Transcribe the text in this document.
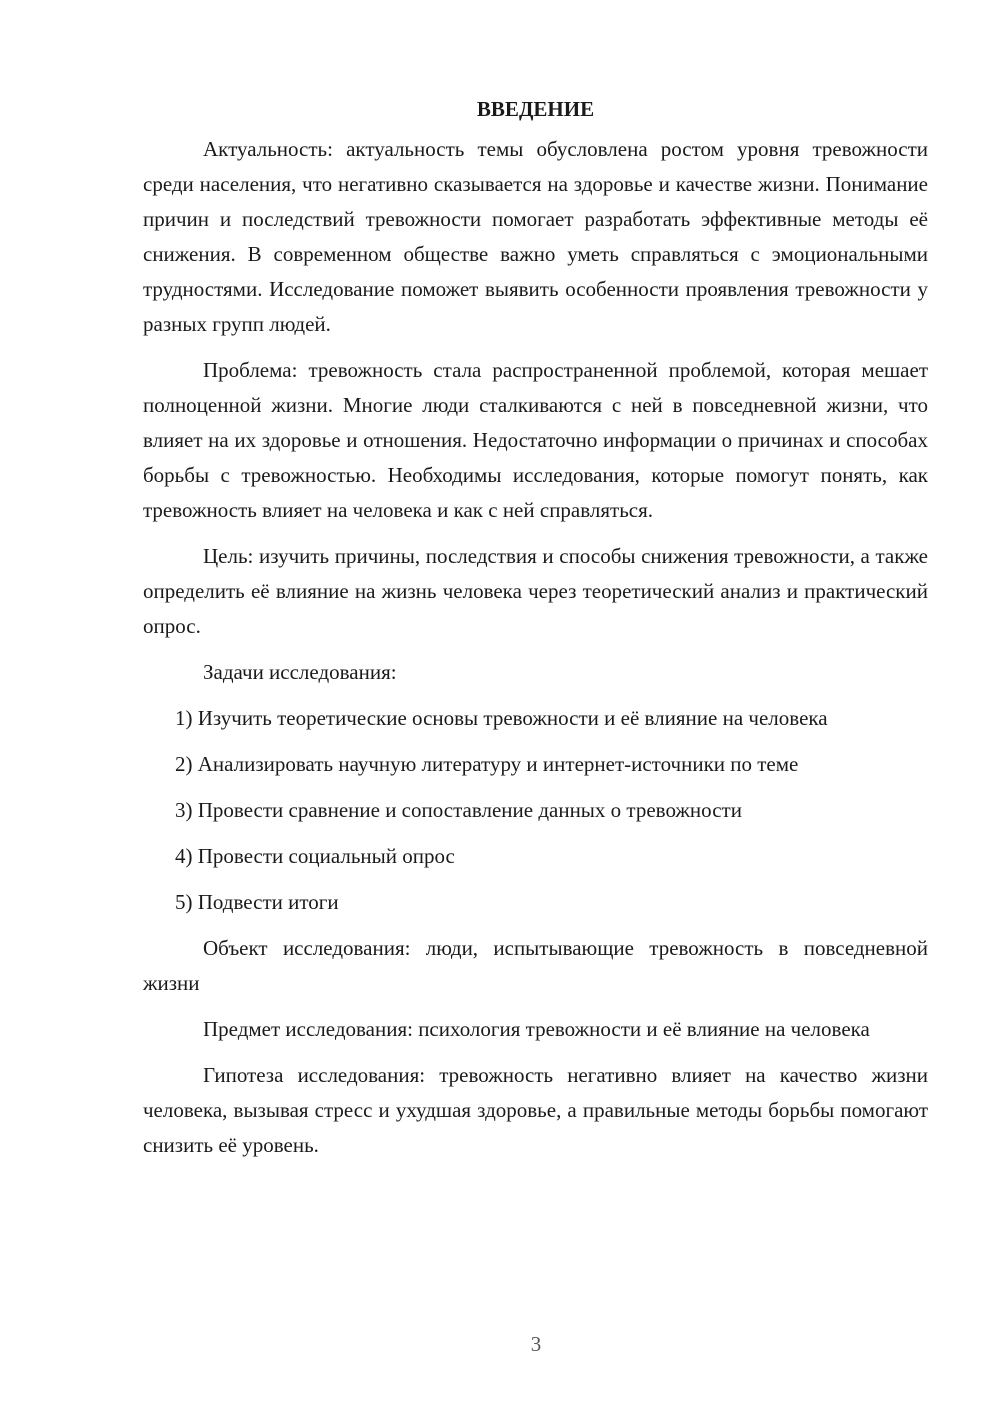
ВВЕДЕНИЕ

Актуальность: актуальность темы обусловлена ростом уровня тревожности среди населения, что негативно сказывается на здоровье и качестве жизни. Понимание причин и последствий тревожности помогает разработать эффективные методы её снижения. В современном обществе важно уметь справляться с эмоциональными трудностями. Исследование поможет выявить особенности проявления тревожности у разных групп людей.

Проблема: тревожность стала распространенной проблемой, которая мешает полноценной жизни. Многие люди сталкиваются с ней в повседневной жизни, что влияет на их здоровье и отношения. Недостаточно информации о причинах и способах борьбы с тревожностью. Необходимы исследования, которые помогут понять, как тревожность влияет на человека и как с ней справляться.

Цель: изучить причины, последствия и способы снижения тревожности, а также определить её влияние на жизнь человека через теоретический анализ и практический опрос.

Задачи исследования:

1) Изучить теоретические основы тревожности и её влияние на человека

2) Анализировать научную литературу и интернет-источники по теме

3) Провести сравнение и сопоставление данных о тревожности

4) Провести социальный опрос

5) Подвести итоги

Объект исследования: люди, испытывающие тревожность в повседневной жизни

Предмет исследования: психология тревожности и её влияние на человека

Гипотеза исследования: тревожность негативно влияет на качество жизни человека, вызывая стресс и ухудшая здоровье, а правильные методы борьбы помогают снизить её уровень.

3
